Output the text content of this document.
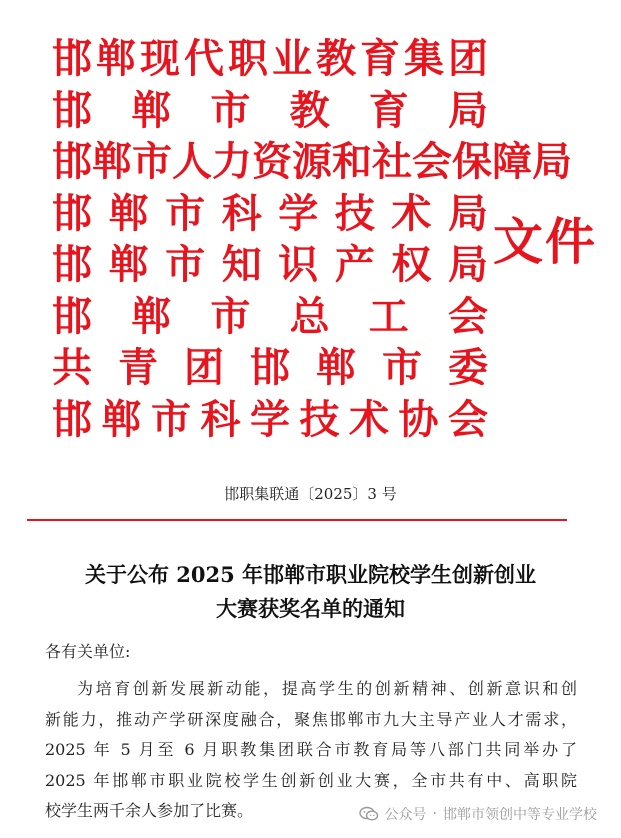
邯 郸 现 代 职 业 教 育 集 团
邯 郸 市 教 育 局
邯 郸 市 人 力 资 源 和 社 会 保 障 局
邯 郸 市 科 学 技 术 局
邯 郸 市 知 识 产 权 局
邯 郸 市 总 工 会
共 青 团 邯 郸 市 委
邯 郸 市 科 学 技 术 协 会
文件
邯职集联通〔2025〕3 号
关于公布 2025 年邯郸市职业院校学生创新创业
大赛获奖名单的通知
各有关单位:
为培育创新发展新动能，提高学生的创新精神、创新意识和创
新能力，推动产学研深度融合，聚焦邯郸市九大主导产业人才需求，
2025 年 5 月至 6 月职教集团联合市教育局等八部门共同举办了
2025 年邯郸市职业院校学生创新创业大赛，全市共有中、高职院
校学生两千余人参加了比赛。	公众号 · 邯郸市领创中等专业学校
